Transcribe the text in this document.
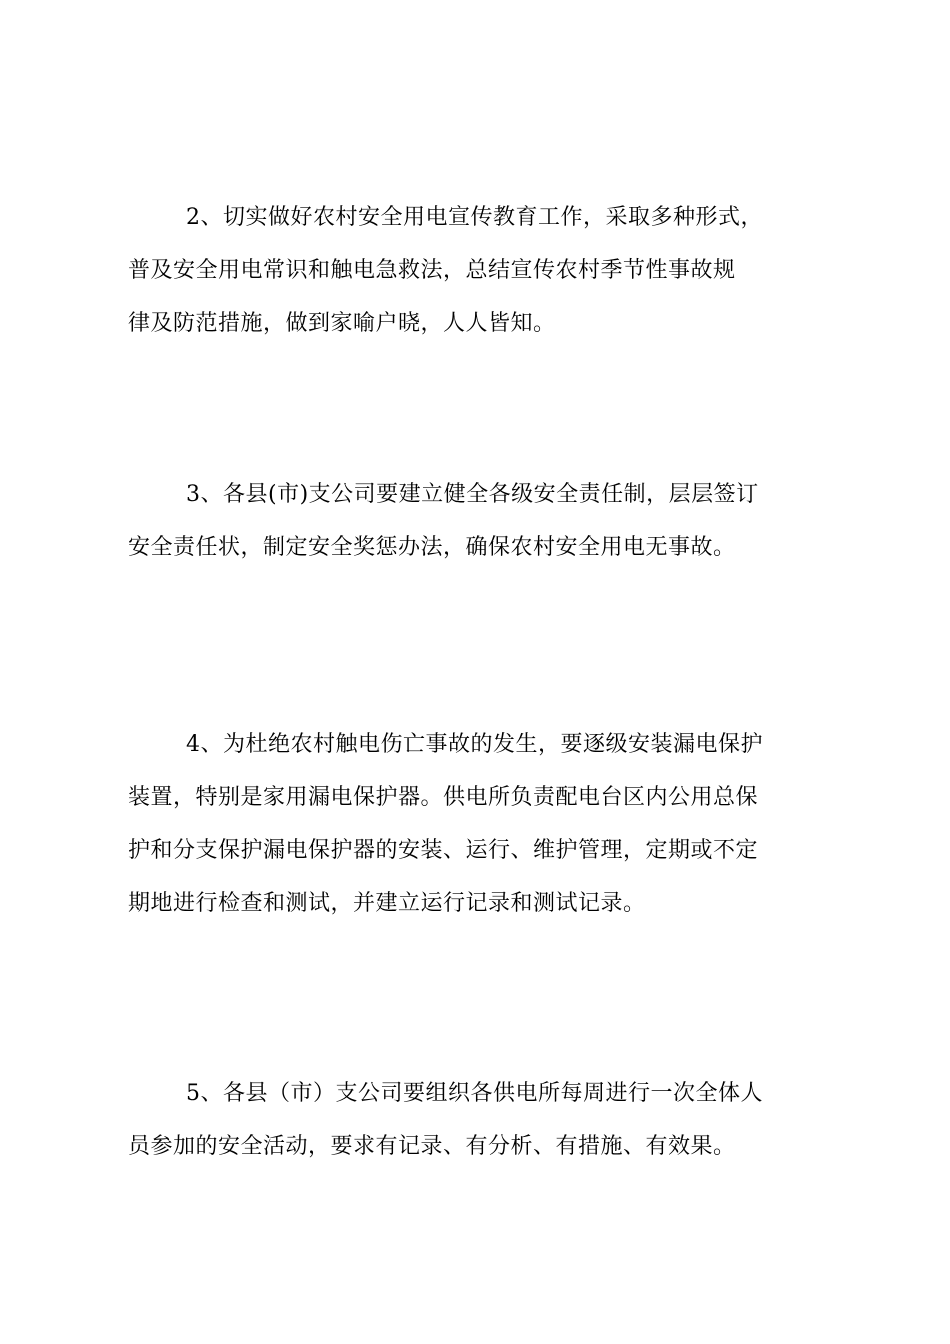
2、切实做好农村安全用电宣传教育工作，采取多种形式，
普及安全用电常识和触电急救法，总结宣传农村季节性事故规
律及防范措施，做到家喻户晓，人人皆知。
3、各县(市)支公司要建立健全各级安全责任制，层层签订
安全责任状，制定安全奖惩办法，确保农村安全用电无事故。
4、为杜绝农村触电伤亡事故的发生，要逐级安装漏电保护
装置，特别是家用漏电保护器。供电所负责配电台区内公用总保
护和分支保护漏电保护器的安装、运行、维护管理，定期或不定
期地进行检查和测试，并建立运行记录和测试记录。
5、各县（市）支公司要组织各供电所每周进行一次全体人
员参加的安全活动，要求有记录、有分析、有措施、有效果。
